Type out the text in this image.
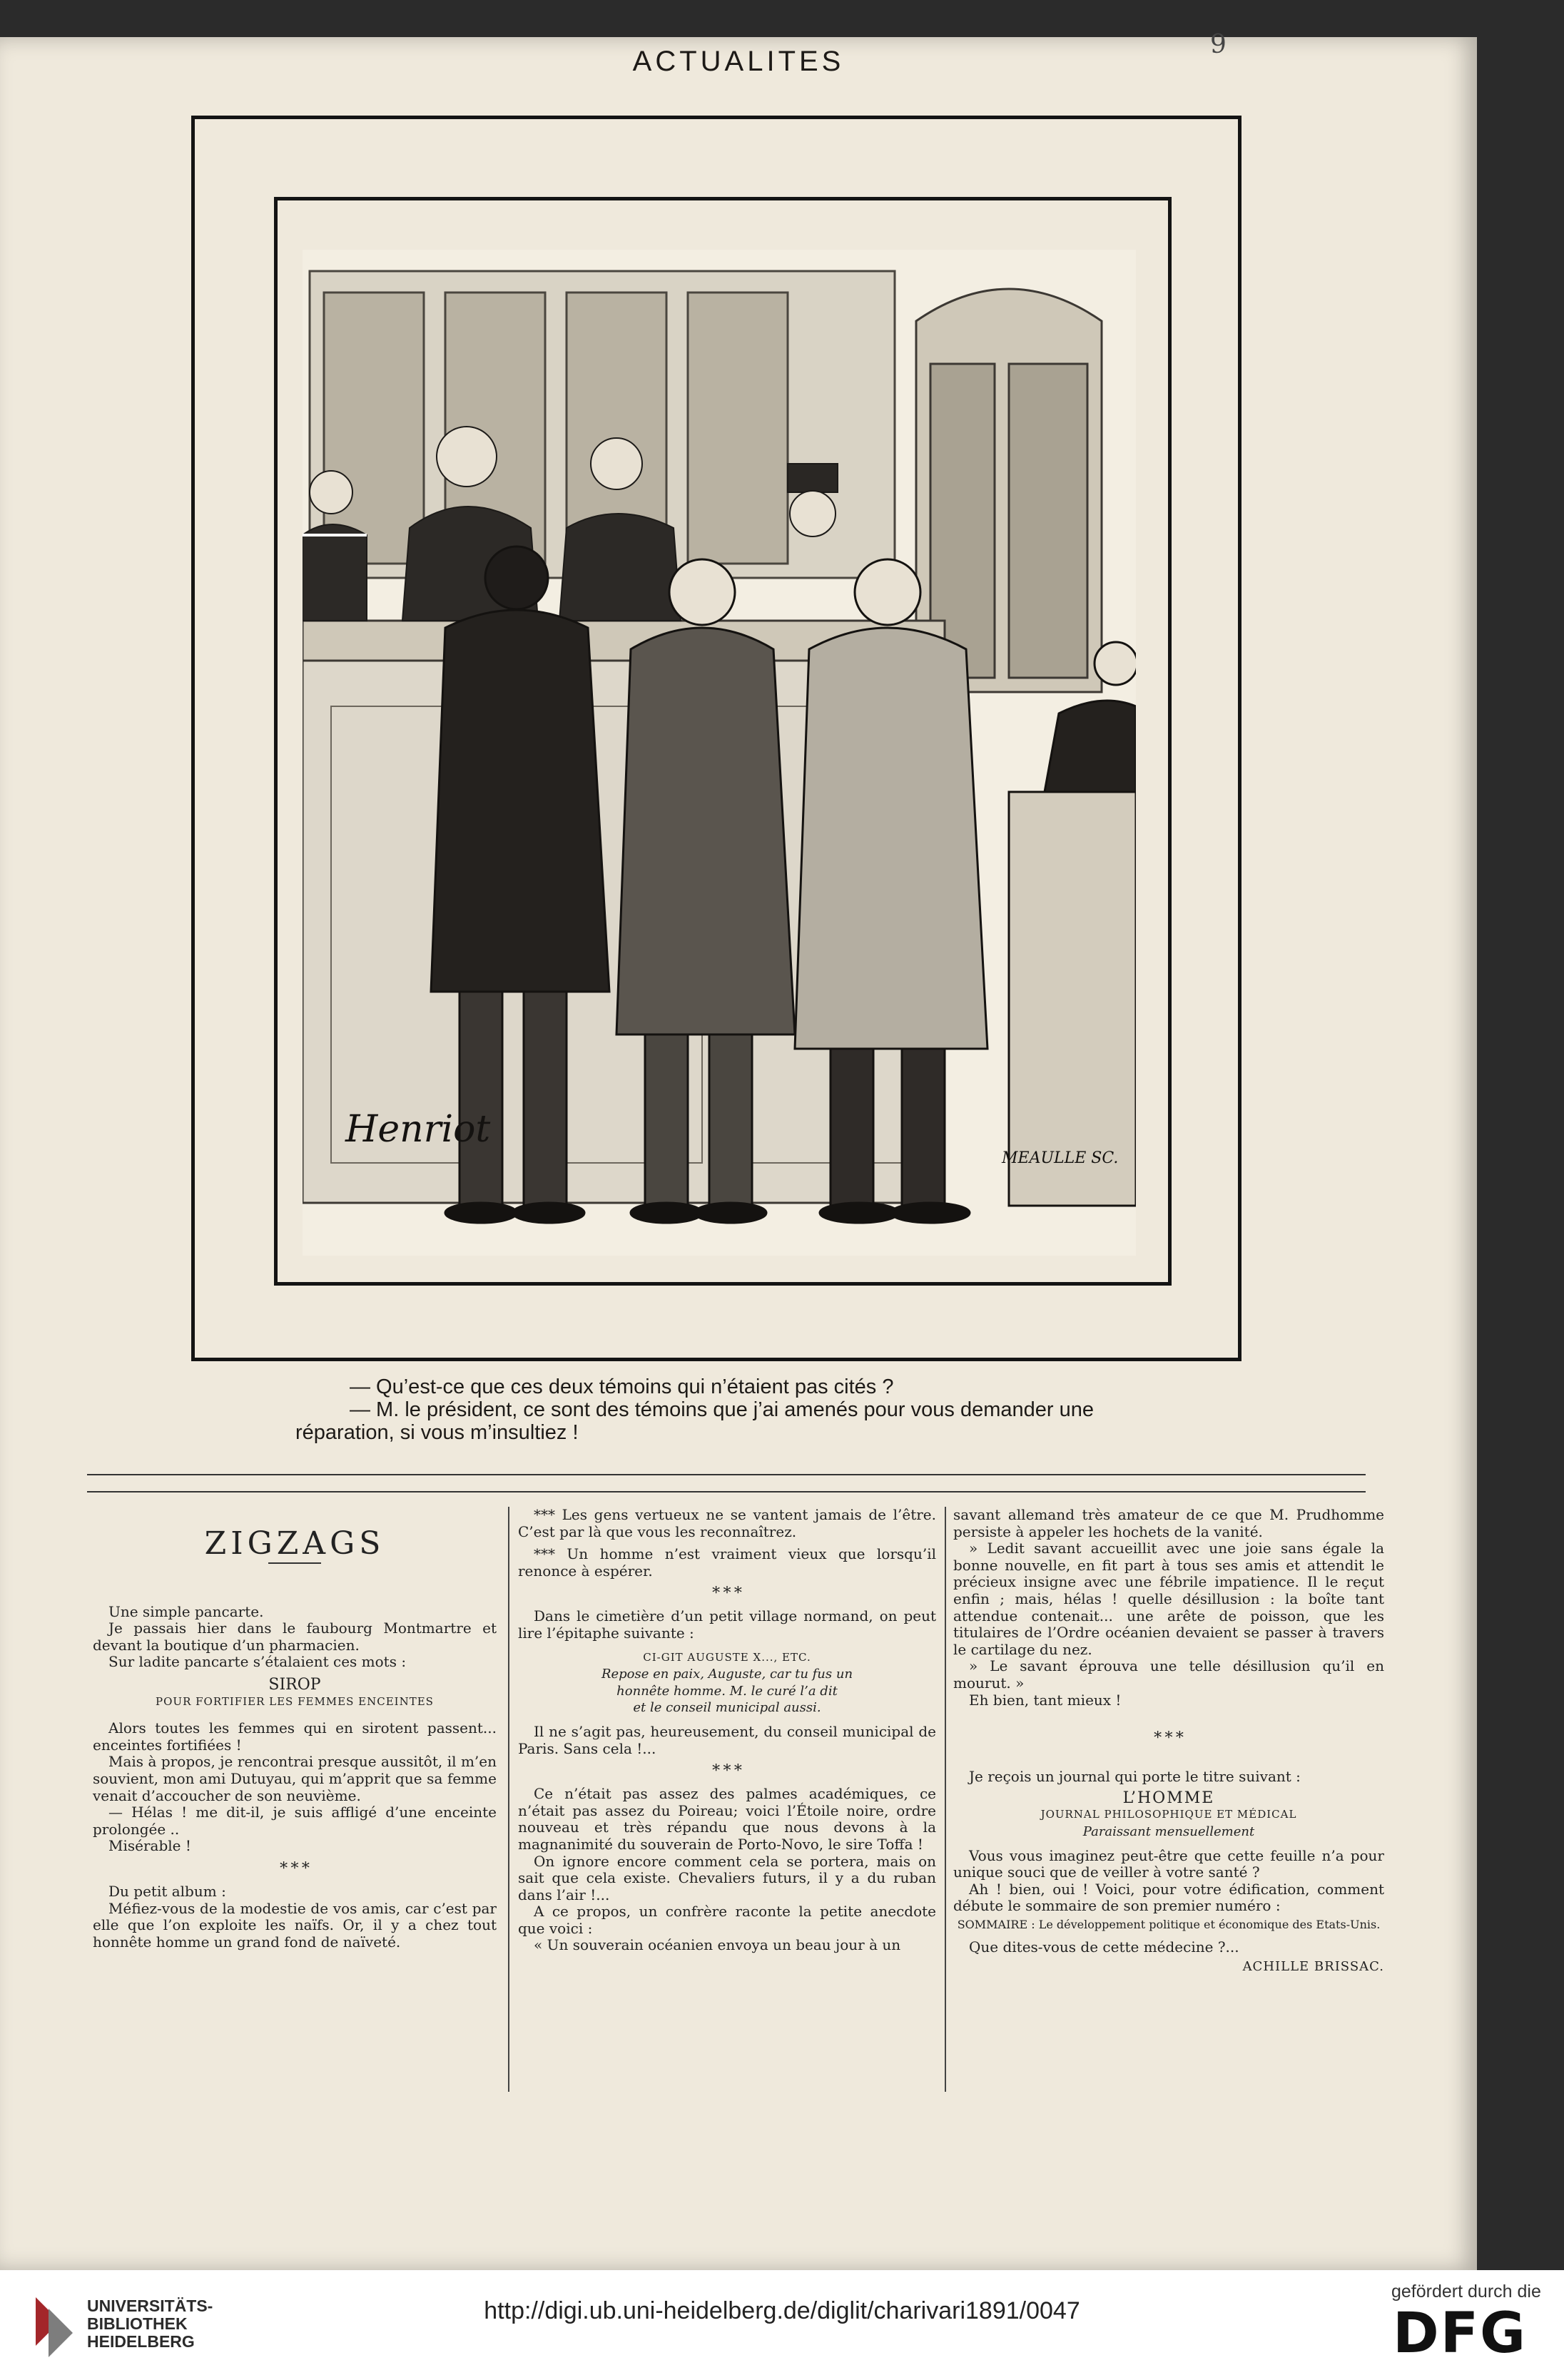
9
ACTUALITES
Henriot
MEAULLE SC.
— Qu’est-ce que ces deux témoins qui n’étaient pas cités ?
— M. le président, ce sont des témoins que j’ai amenés pour vous demander une
réparation, si vous m’insultiez !
ZIGZAGS

Une simple pancarte.

Je passais hier dans le faubourg Montmartre et devant la boutique d’un pharmacien.

Sur ladite pancarte s’étalaient ces mots :

SIROP

POUR FORTIFIER LES FEMMES ENCEINTES

Alors toutes les femmes qui en sirotent passent... enceintes fortifiées !

Mais à propos, je rencontrai presque aussitôt, il m’en souvient, mon ami Dutuyau, qui m’apprit que sa femme venait d’accoucher de son neuvième.

— Hélas ! me dit-il, je suis affligé d’une enceinte prolongée ..

Misérable !

* * *

Du petit album :

Méfiez-vous de la modestie de vos amis, car c’est par elle que l’on exploite les naïfs. Or, il y a chez tout honnête homme un grand fond de naïveté.

*** Les gens vertueux ne se vantent jamais de l’être. C’est par là que vous les reconnaîtrez.

*** Un homme n’est vraiment vieux que lorsqu’il renonce à espérer.

* * *

Dans le cimetière d’un petit village normand, on peut lire l’épitaphe suivante :

CI-GIT AUGUSTE X..., ETC.

Repose en paix, Auguste, car tu fus un

honnête homme. M. le curé l’a dit

et le conseil municipal aussi.

Il ne s’agit pas, heureusement, du conseil municipal de Paris. Sans cela !...

* * *

Ce n’était pas assez des palmes académiques, ce n’était pas assez du Poireau; voici l’Étoile noire, ordre nouveau et très répandu que nous devons à la magnanimité du souverain de Porto-Novo, le sire Toffa !

On ignore encore comment cela se portera, mais on sait que cela existe. Chevaliers futurs, il y a du ruban dans l’air !...

A ce propos, un confrère raconte la petite anecdote que voici :

« Un souverain océanien envoya un beau jour à un

savant allemand très amateur de ce que M. Prudhomme persiste à appeler les hochets de la vanité.

» Ledit savant accueillit avec une joie sans égale la bonne nouvelle, en fit part à tous ses amis et attendit le précieux insigne avec une fébrile impatience. Il le reçut enfin ; mais, hélas ! quelle désillusion : la boîte tant attendue contenait... une arête de poisson, que les titulaires de l’Ordre océanien devaient se passer à travers le cartilage du nez.

» Le savant éprouva une telle désillusion qu’il en mourut. »

Eh bien, tant mieux !

* * *

Je reçois un journal qui porte le titre suivant :

L’HOMME

JOURNAL PHILOSOPHIQUE ET MÉDICAL

Paraissant mensuellement

Vous vous imaginez peut-être que cette feuille n’a pour unique souci que de veiller à votre santé ?

Ah ! bien, oui ! Voici, pour votre édification, comment débute le sommaire de son premier numéro :

SOMMAIRE : Le développement politique et économique des Etats-Unis.

Que dites-vous de cette médecine ?...

ACHILLE BRISSAC.

UNIVERSITÄTS-
BIBLIOTHEK
HEIDELBERG
http://digi.ub.uni-heidelberg.de/diglit/charivari1891/0047
gefördert durch die
DFG
